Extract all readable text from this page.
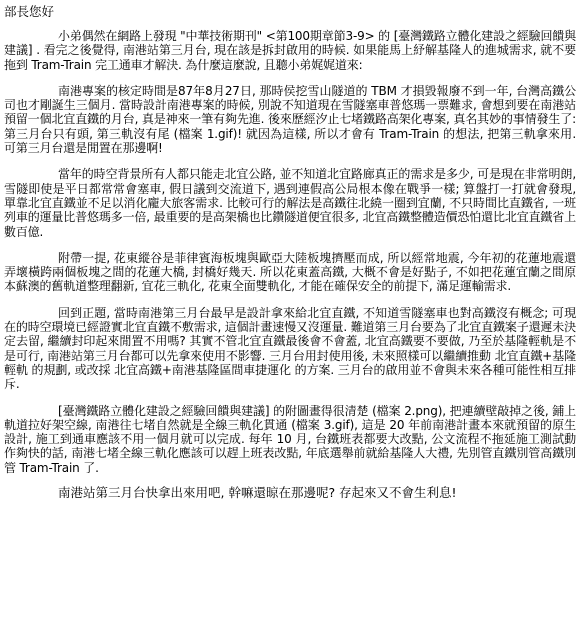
部長您好

小弟偶然在網路上發現 "中華技術期刊" <第100期章節3-9> 的 [臺灣鐵路立體化建設之經驗回饋與建議] . 看完之後覺得, 南港站第三月台, 現在該是拆封啟用的時候. 如果能馬上紓解基隆人的進城需求, 就不要拖到 Tram-Train 完工通車才解決. 為什麼這麼說, 且聽小弟娓娓道來:

南港專案的核定時間是87年8月27日, 那時侯挖雪山隧道的 TBM 才損毀報廢不到一年, 台灣高鐵公司也才剛誕生三個月. 當時設計南港專案的時候, 別說不知道現在雪隧塞車普悠瑪一票難求, 會想到要在南港站預留一個北宜直鐵的月台, 真是神來一筆有夠先進. 後來歷經汐止七堵鐵路高架化專案, 真名其妙的事情發生了: 第三月台只有頭, 第三軌沒有尾 (檔案 1.gif)! 就因為這樣, 所以才會有 Tram-Train 的想法, 把第三軌拿來用. 可第三月台還是閒置在那邊啊!

當年的時空背景所有人都只能走北宜公路, 並不知道北宜路廊真正的需求是多少, 可是現在非常明朗, 雪隧即使是平日都常常會塞車, 假日議到交流道下, 遇到連假高公局根本像在戰爭一樣; 算盤打一打就會發現, 單靠北宜直鐵並不足以消化龐大旅客需求. 比較可行的解法是高鐵往北繞一圈到宜蘭, 不只時間比直鐵省, 一班列車的運量比普悠瑪多一倍, 最重要的是高架橋也比鑽隧道便宜很多, 北宜高鐵整體造價恐怕還比北宜直鐵省上數百億.

附帶一提, 花東縱谷是菲律賓海板塊與歐亞大陸板塊擠壓而成, 所以經常地震, 今年初的花蓮地震還弄壞橫跨兩個板塊之間的花蓮大橋, 封橋好幾天. 所以花東蓋高鐵, 大概不會是好點子, 不如把花蓮宜蘭之間原本蘇澳的舊軌道整理翻新, 宜花三軌化, 花東全面雙軌化, 才能在確保安全的前提下, 滿足運輸需求.

回到正題, 當時南港第三月台最早是設計拿來給北宜直鐵, 不知道雪隧塞車也對高鐵沒有概念; 可現在的時空環境已經證實北宜直鐵不敷需求, 這個計畫速慢又沒運量. 難道第三月台要為了北宜直鐵案子還遲未決定去留, 繼續封印起來閒置不用嗎? 其實不管北宜直鐵最後會不會蓋, 北宜高鐵要不要做, 乃至於基隆輕軌是不是可行, 南港站第三月台都可以先拿來使用不影響. 三月台用封使用後, 未來照樣可以繼續推動 北宜直鐵+基隆輕軌 的規劃, 或改採 北宜高鐵+南港基隆區間車捷運化 的方案. 三月台的啟用並不會與未來各種可能性相互排斥.

[臺灣鐵路立體化建設之經驗回饋與建議] 的附圖畫得很清楚 (檔案 2.png), 把連續壁敲掉之後, 鋪上軌道拉好架空線, 南港往七堵自然就是全線三軌化貫通 (檔案 3.gif), 這是 20 年前南港計畫本來就預留的原生設計, 施工到通車應該不用一個月就可以完成. 每年 10 月, 台鐵班表都要大改點, 公文流程不拖延施工測試動作夠快的話, 南港七堵全線三軌化應該可以趕上班表改點, 年底選舉前就給基隆人大禮, 先別管直鐵別管高鐵別管 Tram-Train 了.

南港站第三月台快拿出來用吧, 幹嘛還晾在那邊呢? 存起來又不會生利息!
